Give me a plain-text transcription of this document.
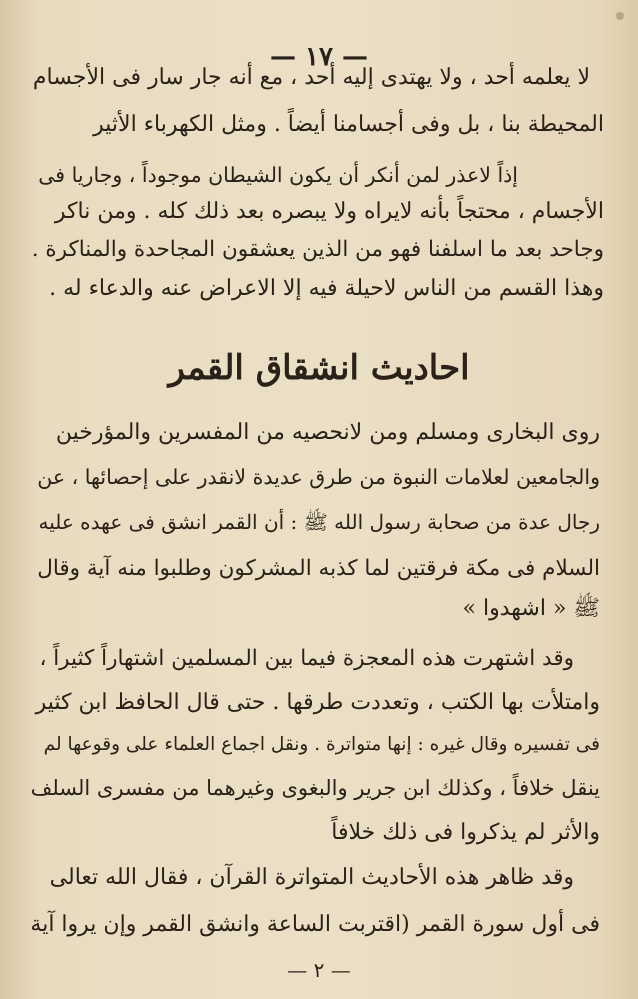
— ١٧ —
لا يعلمه أحد ، ولا يهتدى إليه أحد ، مع أنه جار سار فى الأجسام
المحيطة بنا ، بل وفى أجسامنا أيضاً . ومثل الكهرباء الأثير
إذاً لاعذر لمن أنكر أن يكون الشيطان موجوداً ، وجاريا فى
الأجسام ، محتجاً بأنه لايراه ولا يبصره بعد ذلك كله . ومن ناكر
وجاحد بعد ما اسلفنا فهو من الذين يعشقون المجاحدة والمناكرة .
وهذا القسم من الناس لاحيلة فيه إلا الاعراض عنه والدعاء له .
احاديث انشقاق القمر
روى البخارى ومسلم ومن لانحصيه من المفسرين والمؤرخين
والجامعين لعلامات النبوة من طرق عديدة لانقدر على إحصائها ، عن
رجال عدة من صحابة رسول الله ﷺ : أن القمر انشق فى عهده عليه
السلام فى مكة فرقتين لما كذبه المشركون وطلبوا منه آية وقال
ﷺ « اشهدوا »
وقد اشتهرت هذه المعجزة فيما بين المسلمين اشتهاراً كثيراً ،
وامتلأت بها الكتب ، وتعددت طرقها . حتى قال الحافظ ابن كثير
فى تفسيره وقال غيره : إنها متواترة . ونقل اجماع العلماء على وقوعها لم
ينقل خلافاً ، وكذلك ابن جرير والبغوى وغيرهما من مفسرى السلف
والأثر لم يذكروا فى ذلك خلافاً
وقد ظاهر هذه الأحاديث المتواترة القرآن ، فقال الله تعالى
فى أول سورة القمر (اقتربت الساعة وانشق القمر وإن يروا آية
— ٢ —
